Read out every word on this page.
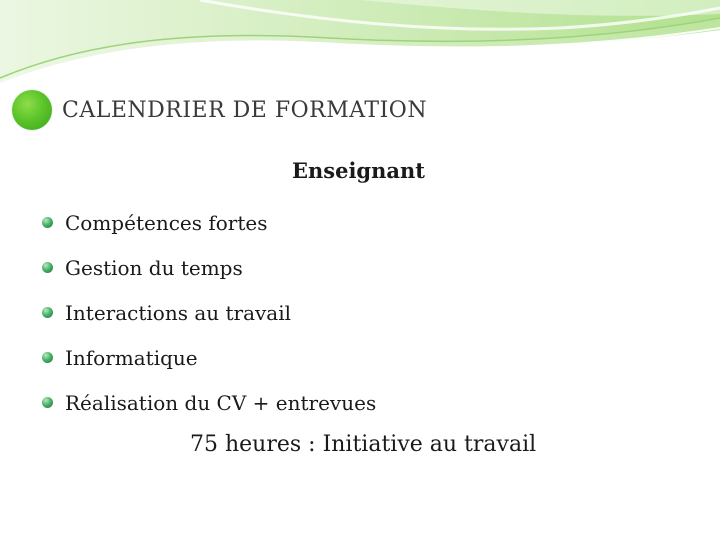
CALENDRIER DE FORMATION
Enseignant
Compétences fortes
Gestion du temps
Interactions au travail
Informatique
Réalisation du CV + entrevues
75 heures : Initiative au travail
